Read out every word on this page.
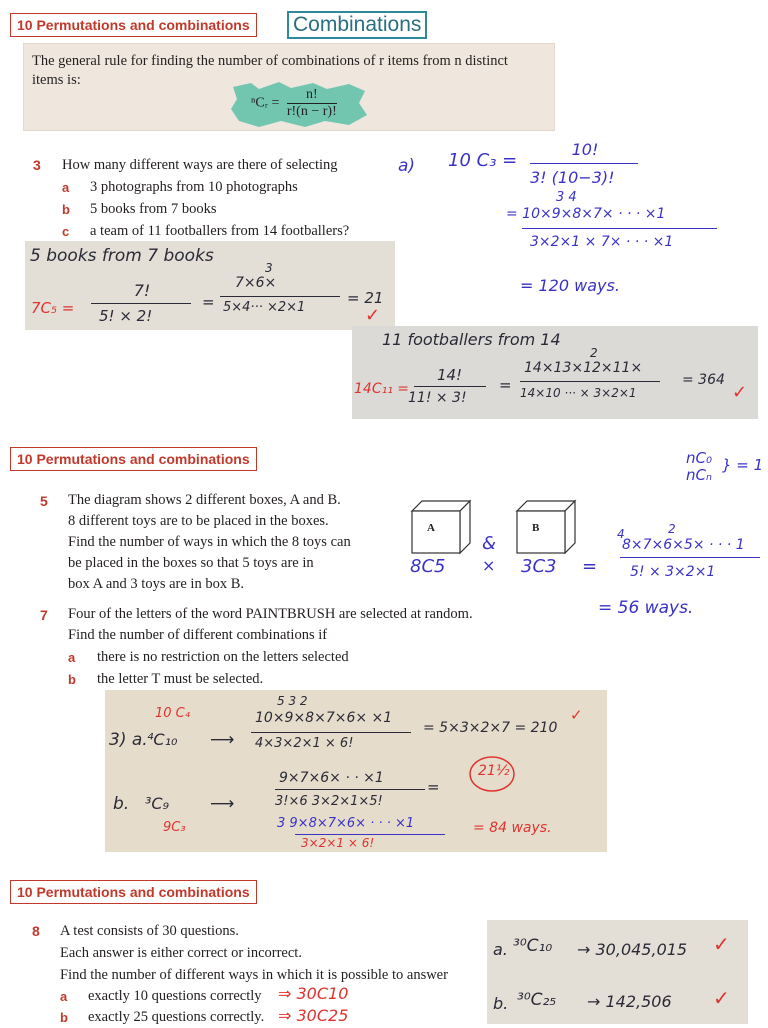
10 Permutations and combinations	Combinations
The general rule for finding the number of combinations of r items from n distinct items is:
ⁿCᵣ = $\frac{n!}{r!(n - r)!}$
3 How many different ways are there of selecting
a 3 photographs from 10 photographs
b 5 books from 7 books
c a team of 11 footballers from 14 footballers?
a) 10 C₃ =
10!
3! (10−3)!
3 4
= 10×9×8×7× · · · ×1
3×2×1 × 7× · · · ×1
= 120 ways.
5 books from 7 books
7C₅ =
7!
5! × 2!
=
3
7×6×
5×4··· ×2×1
= 21
✓
11 footballers from 14
14C₁₁ =
14!
11! × 3!
=
2
14×13×12×11×
14×10 ··· × 3×2×1
= 364
✓
10 Permutations and combinations	nC₀
nCₙ
} = 1
5 The diagram shows 2 different boxes, A and B.
8 different toys are to be placed in the boxes.
Find the number of ways in which the 8 toys can
be placed in the boxes so that 5 toys are in
box A and 3 toys are in box B.
A	B
&
8C5 × 3C3 =
4	2
8×7×6×5× · · · 1
5! × 3×2×1
= 56 ways.
7 Four of the letters of the word PAINTBRUSH are selected at random.
Find the number of different combinations if
a there is no restriction on the letters selected
b the letter T must be selected.
10 C₄
3) a. ⁴C₁₀ ⟶
5 3 2
10×9×8×7×6× ×1
4×3×2×1 × 6!
= 5×3×2×7 = 210
✓
b. ³C₉
9C₃
⟶
9×7×6× · · ×1
3!×6 3×2×1×5!
=
21½
3 9×8×7×6× · · · ×1
3×2×1 × 6!
= 84 ways.
10 Permutations and combinations
8 A test consists of 30 questions.
Each answer is either correct or incorrect.
Find the number of different ways in which it is possible to answer
a exactly 10 questions correctly ⇒ 30C10
b exactly 25 questions correctly. ⇒ 30C25
a. ³⁰C₁₀ → 30,045,015 ✓
b. ³⁰C₂₅ → 142,506 ✓
